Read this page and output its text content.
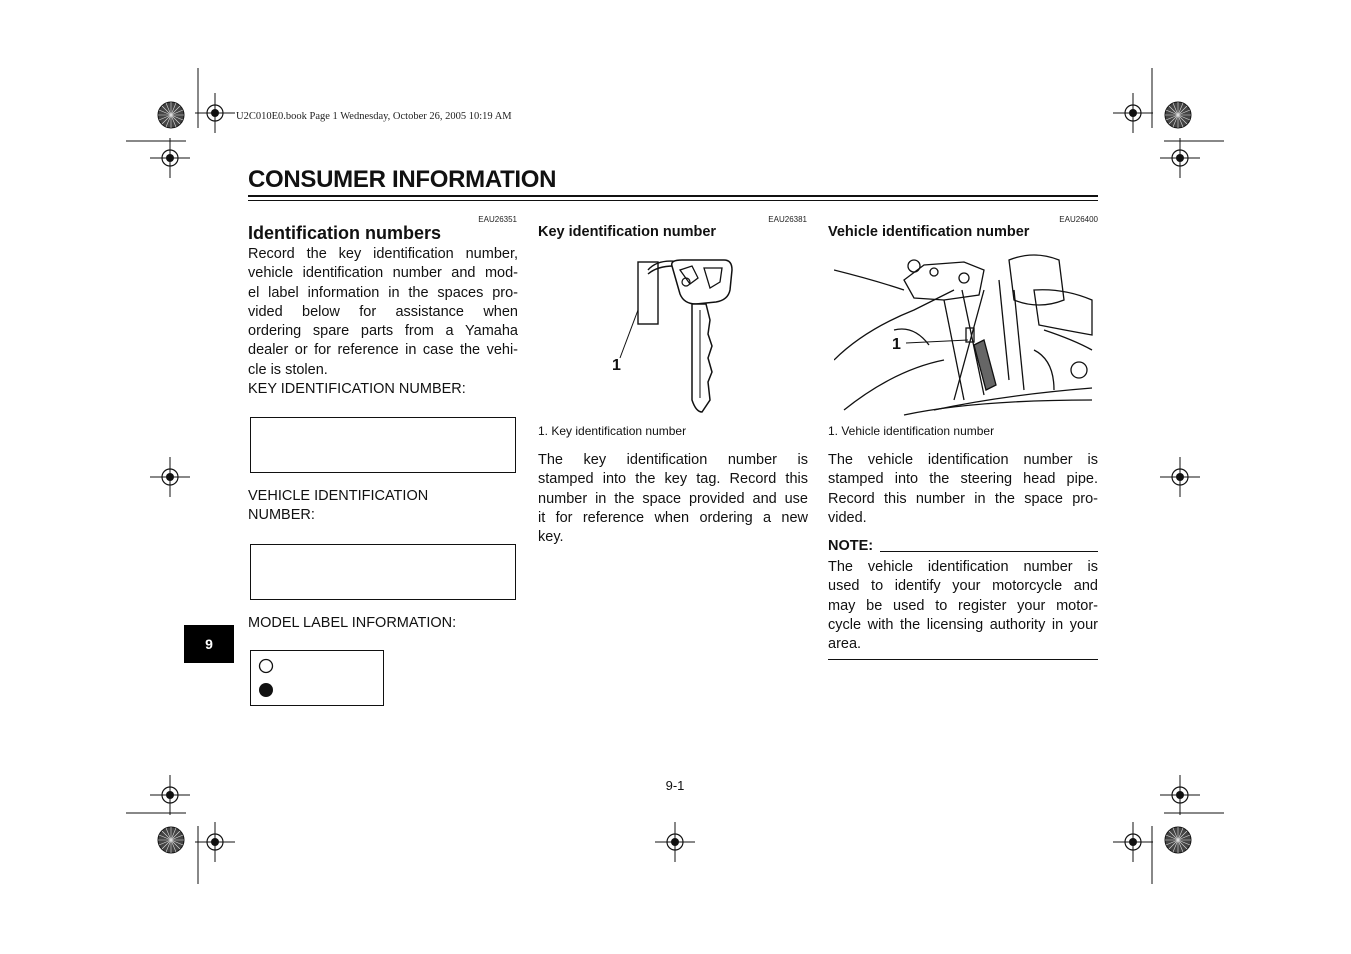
U2C010E0.book Page 1 Wednesday, October 26, 2005 10:19 AM
CONSUMER INFORMATION
EAU26351
Identification numbers
Record the key identification number,
vehicle identification number and mod-
el label information in the spaces pro-
vided below for assistance when
ordering spare parts from a Yamaha
dealer or for reference in case the vehi-
cle is stolen.
KEY IDENTIFICATION NUMBER:
VEHICLE IDENTIFICATION
NUMBER:
MODEL LABEL INFORMATION:
9
EAU26381
Key identification number
1
1. Key identification number
The key identification number is
stamped into the key tag. Record this
number in the space provided and use
it for reference when ordering a new
key.
EAU26400
Vehicle identification number
1
1. Vehicle identification number
The vehicle identification number is
stamped into the steering head pipe.
Record this number in the space pro-
vided.
NOTE:
The vehicle identification number is
used to identify your motorcycle and
may be used to register your motor-
cycle with the licensing authority in your
area.
9-1
